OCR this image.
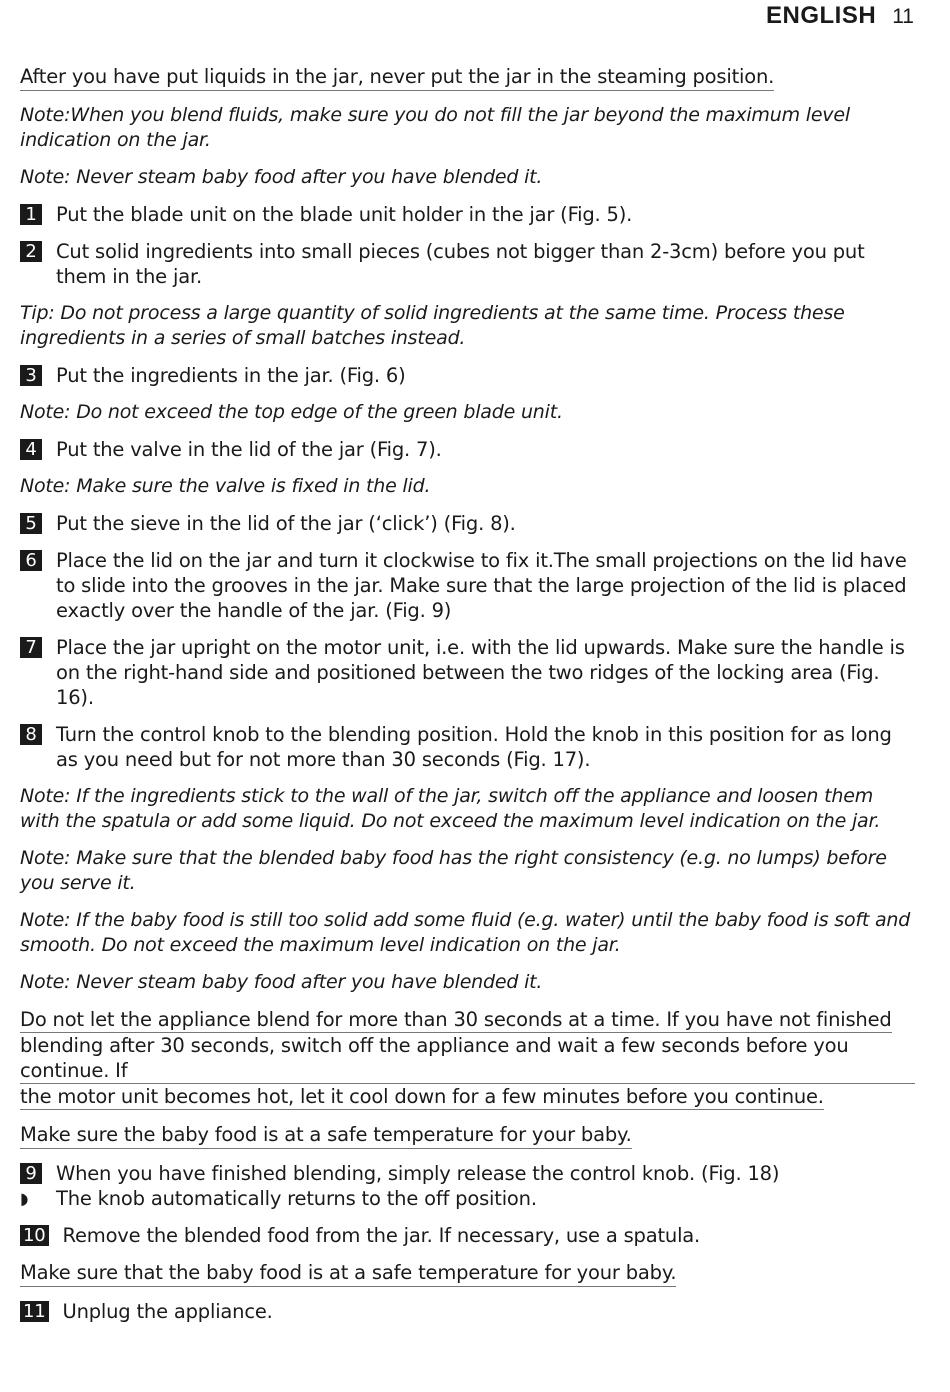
ENGLISH 11
After you have put liquids in the jar, never put the jar in the steaming position.
Note:When you blend fluids, make sure you do not fill the jar beyond the maximum level indication on the jar.
Note: Never steam baby food after you have blended it.
1 Put the blade unit on the blade unit holder in the jar (Fig. 5).
2 Cut solid ingredients into small pieces (cubes not bigger than 2-3cm) before you put them in the jar.
Tip: Do not process a large quantity of solid ingredients at the same time. Process these ingredients in a series of small batches instead.
3 Put the ingredients in the jar. (Fig. 6)
Note: Do not exceed the top edge of the green blade unit.
4 Put the valve in the lid of the jar (Fig. 7).
Note: Make sure the valve is fixed in the lid.
5 Put the sieve in the lid of the jar (‘click’) (Fig. 8).
6 Place the lid on the jar and turn it clockwise to fix it.The small projections on the lid have to slide into the grooves in the jar. Make sure that the large projection of the lid is placed exactly over the handle of the jar. (Fig. 9)
7 Place the jar upright on the motor unit, i.e. with the lid upwards. Make sure the handle is on the right-hand side and positioned between the two ridges of the locking area (Fig. 16).
8 Turn the control knob to the blending position. Hold the knob in this position for as long as you need but for not more than 30 seconds (Fig. 17).
Note: If the ingredients stick to the wall of the jar, switch off the appliance and loosen them with the spatula or add some liquid. Do not exceed the maximum level indication on the jar.
Note: Make sure that the blended baby food has the right consistency (e.g. no lumps) before you serve it.
Note: If the baby food is still too solid add some fluid (e.g. water) until the baby food is soft and smooth. Do not exceed the maximum level indication on the jar.
Note: Never steam baby food after you have blended it.
Do not let the appliance blend for more than 30 seconds at a time. If you have not finished
blending after 30 seconds, switch off the appliance and wait a few seconds before you continue. If
the motor unit becomes hot, let it cool down for a few minutes before you continue.
Make sure the baby food is at a safe temperature for your baby.
9 When you have finished blending, simply release the control knob. (Fig. 18)
◗	The knob automatically returns to the off position.
10 Remove the blended food from the jar. If necessary, use a spatula.
Make sure that the baby food is at a safe temperature for your baby.
11 Unplug the appliance.
